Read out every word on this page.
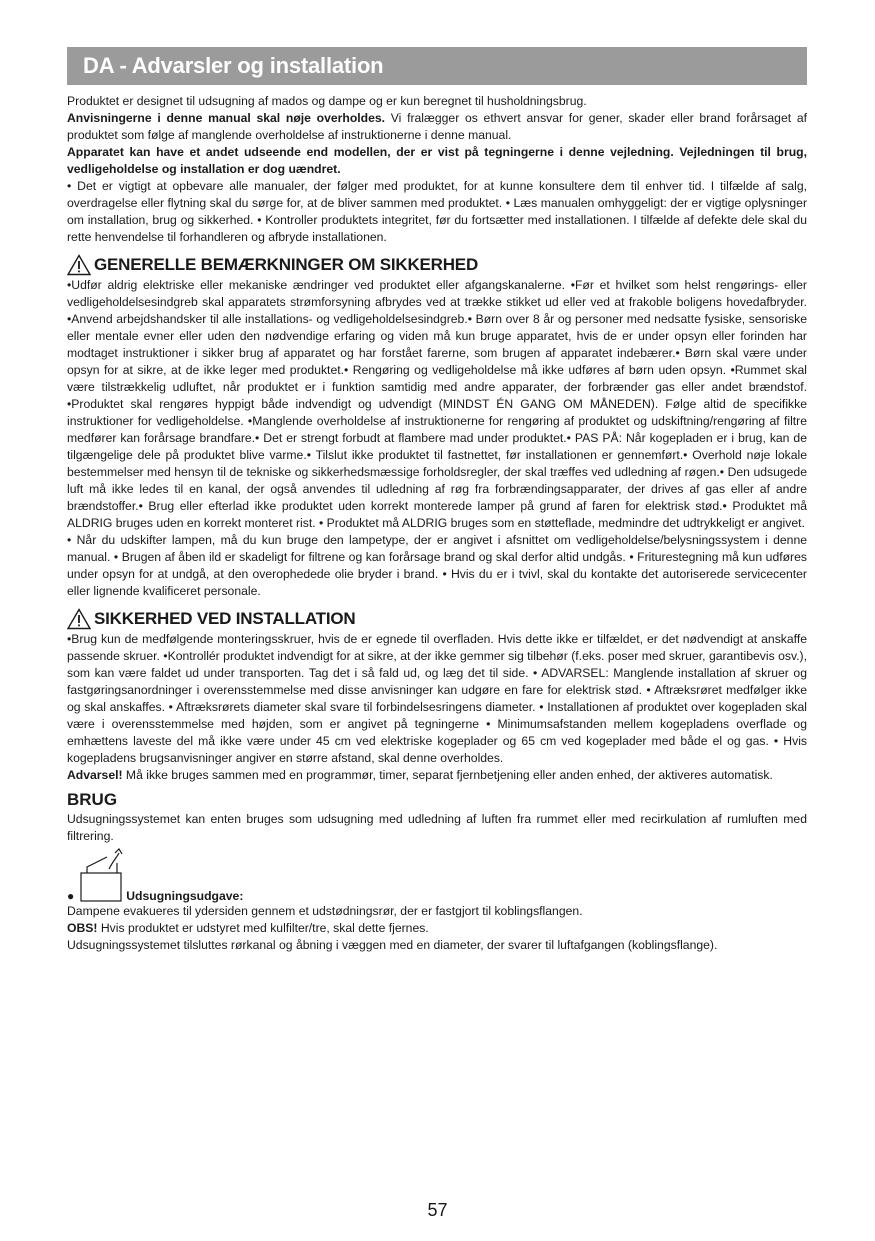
DA - Advarsler og installation

Produktet er designet til udsugning af mados og dampe og er kun beregnet til husholdningsbrug.

Anvisningerne i denne manual skal nøje overholdes. Vi fralægger os ethvert ansvar for gener, skader eller brand forårsaget af produktet som følge af manglende overholdelse af instruktionerne i denne manual.

Apparatet kan have et andet udseende end modellen, der er vist på tegningerne i denne vejledning. Vejledningen til brug, vedligeholdelse og installation er dog uændret.

• Det er vigtigt at opbevare alle manualer, der følger med produktet, for at kunne konsultere dem til enhver tid. I tilfælde af salg, overdragelse eller flytning skal du sørge for, at de bliver sammen med produktet. • Læs manualen omhyggeligt: der er vigtige oplysninger om installation, brug og sikkerhed. • Kontroller produktets integritet, før du fortsætter med installationen. I tilfælde af defekte dele skal du rette henvendelse til forhandleren og afbryde installationen.

GENERELLE BEMÆRKNINGER OM SIKKERHED

•Udfør aldrig elektriske eller mekaniske ændringer ved produktet eller afgangskanalerne. •Før et hvilket som helst rengørings- eller vedligeholdelsesindgreb skal apparatets strømforsyning afbrydes ved at trække stikket ud eller ved at frakoble boligens hovedafbryder. •Anvend arbejdshandsker til alle installations- og vedligeholdelsesindgreb.• Børn over 8 år og personer med nedsatte fysiske, sensoriske eller mentale evner eller uden den nødvendige erfaring og viden må kun bruge apparatet, hvis de er under opsyn eller forinden har modtaget instruktioner i sikker brug af apparatet og har forstået farerne, som brugen af apparatet indebærer.• Børn skal være under opsyn for at sikre, at de ikke leger med produktet.• Rengøring og vedligeholdelse må ikke udføres af børn uden opsyn. •Rummet skal være tilstrækkelig udluftet, når produktet er i funktion samtidig med andre apparater, der forbrænder gas eller andet brændstof. •Produktet skal rengøres hyppigt både indvendigt og udvendigt (MINDST ÉN GANG OM MÅNEDEN). Følge altid de specifikke instruktioner for vedligeholdelse. •Manglende overholdelse af instruktionerne for rengøring af produktet og udskiftning/rengøring af filtre medfører kan forårsage brandfare.• Det er strengt forbudt at flambere mad under produktet.• PAS PÅ: Når kogepladen er i brug, kan de tilgængelige dele på produktet blive varme.• Tilslut ikke produktet til fastnettet, før installationen er gennemført.• Overhold nøje lokale bestemmelser med hensyn til de tekniske og sikkerhedsmæssige forholdsregler, der skal træffes ved udledning af røgen.• Den udsugede luft må ikke ledes til en kanal, der også anvendes til udledning af røg fra forbrændingsapparater, der drives af gas eller af andre brændstoffer.• Brug eller efterlad ikke produktet uden korrekt monterede lamper på grund af faren for elektrisk stød.• Produktet må ALDRIG bruges uden en korrekt monteret rist. • Produktet må ALDRIG bruges som en støtteflade, medmindre det udtrykkeligt er angivet.

• Når du udskifter lampen, må du kun bruge den lampetype, der er angivet i afsnittet om vedligeholdelse/belysningssystem i denne manual. • Brugen af åben ild er skadeligt for filtrene og kan forårsage brand og skal derfor altid undgås. • Friturestegning må kun udføres under opsyn for at undgå, at den overophedede olie bryder i brand. • Hvis du er i tvivl, skal du kontakte det autoriserede servicecenter eller lignende kvalificeret personale.

SIKKERHED VED INSTALLATION

•Brug kun de medfølgende monteringsskruer, hvis de er egnede til overfladen. Hvis dette ikke er tilfældet, er det nødvendigt at anskaffe passende skruer. •Kontrollér produktet indvendigt for at sikre, at der ikke gemmer sig tilbehør (f.eks. poser med skruer, garantibevis osv.), som kan være faldet ud under transporten. Tag det i så fald ud, og læg det til side. • ADVARSEL: Manglende installation af skruer og fastgøringsanordninger i overensstemmelse med disse anvisninger kan udgøre en fare for elektrisk stød. • Aftræksrøret medfølger ikke og skal anskaffes. • Aftræksrørets diameter skal svare til forbindelsesringens diameter. • Installationen af produktet over kogepladen skal være i overensstemmelse med højden, som er angivet på tegningerne • Minimumsafstanden mellem kogepladens overflade og emhættens laveste del må ikke være under 45 cm ved elektriske kogeplader og 65 cm ved kogeplader med både el og gas. • Hvis kogepladens brugsanvisninger angiver en større afstand, skal denne overholdes.

Advarsel! Må ikke bruges sammen med en programmør, timer, separat fjernbetjening eller anden enhed, der aktiveres automatisk.

BRUG

Udsugningssystemet kan enten bruges som udsugning med udledning af luften fra rummet eller med recirkulation af rumluften med filtrering.

●	Udsugningsudgave:

Dampene evakueres til ydersiden gennem et udstødningsrør, der er fastgjort til koblingsflangen.

OBS! Hvis produktet er udstyret med kulfilter/tre, skal dette fjernes.

Udsugningssystemet tilsluttes rørkanal og åbning i væggen med en diameter, der svarer til luftafgangen (koblingsflange).

57
